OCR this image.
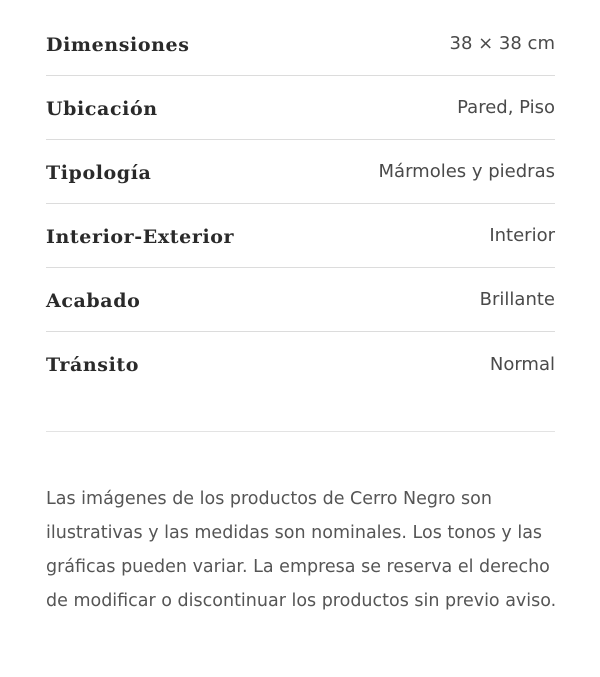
Dimensiones	38 × 38 cm
Ubicación	Pared, Piso
Tipología	Mármoles y piedras
Interior-Exterior	Interior
Acabado	Brillante
Tránsito	Normal

Las imágenes de los productos de Cerro Negro son ilustrativas y las medidas son nominales. Los tonos y las gráficas pueden variar. La empresa se reserva el derecho de modificar o discontinuar los productos sin previo aviso.
